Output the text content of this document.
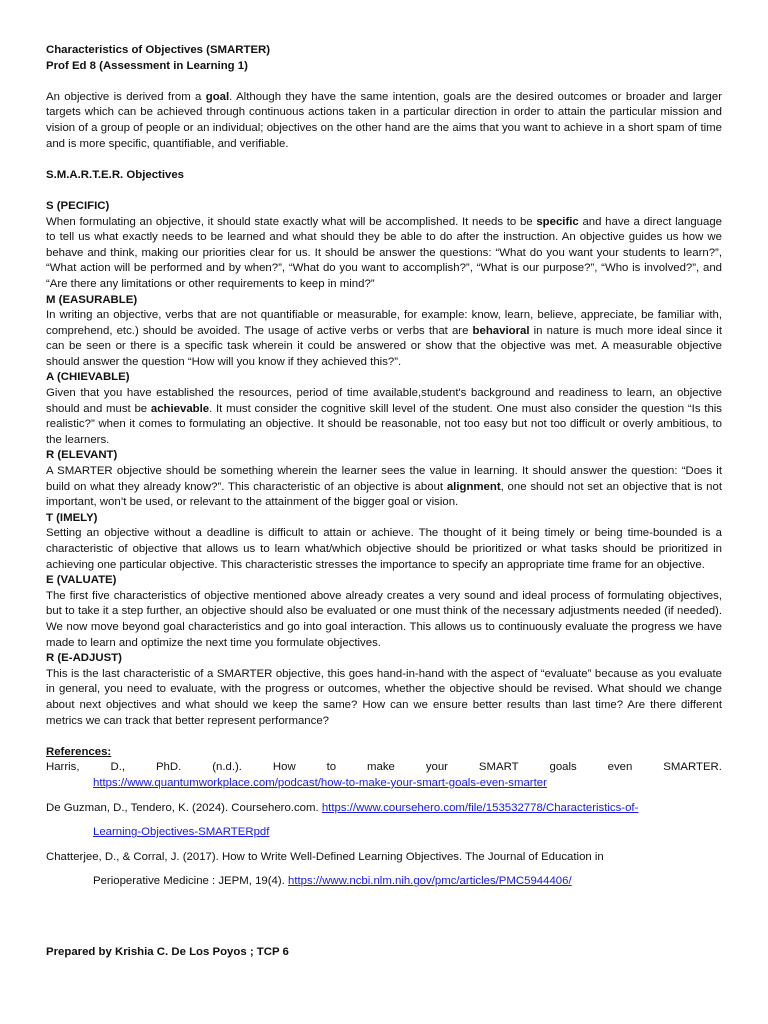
Characteristics of Objectives (SMARTER)

Prof Ed 8 (Assessment in Learning 1)

An objective is derived from a goal. Although they have the same intention, goals are the desired outcomes or broader and larger targets which can be achieved through continuous actions taken in a particular direction in order to attain the particular mission and vision of a group of people or an individual; objectives on the other hand are the aims that you want to achieve in a short spam of time and is more specific, quantifiable, and verifiable.

S.M.A.R.T.E.R. Objectives

S (PECIFIC)

When formulating an objective, it should state exactly what will be accomplished. It needs to be specific and have a direct language to tell us what exactly needs to be learned and what should they be able to do after the instruction. An objective guides us how we behave and think, making our priorities clear for us. It should be answer the questions: “What do you want your students to learn?”, “What action will be performed and by when?”, “What do you want to accomplish?”, “What is our purpose?”, “Who is involved?”, and “Are there any limitations or other requirements to keep in mind?”

M (EASURABLE)

In writing an objective, verbs that are not quantifiable or measurable, for example: know, learn, believe, appreciate, be familiar with, comprehend, etc.) should be avoided. The usage of active verbs or verbs that are behavioral in nature is much more ideal since it can be seen or there is a specific task wherein it could be answered or show that the objective was met. A measurable objective should answer the question “How will you know if they achieved this?”.

A (CHIEVABLE)

Given that you have established the resources, period of time available,student's background and readiness to learn, an objective should and must be achievable. It must consider the cognitive skill level of the student. One must also consider the question “Is this realistic?” when it comes to formulating an objective. It should be reasonable, not too easy but not too difficult or overly ambitious, to the learners.

R (ELEVANT)

A SMARTER objective should be something wherein the learner sees the value in learning. It should answer the question: “Does it build on what they already know?”. This characteristic of an objective is about alignment, one should not set an objective that is not important, won’t be used, or relevant to the attainment of the bigger goal or vision.

T (IMELY)

Setting an objective without a deadline is difficult to attain or achieve. The thought of it being timely or being time-bounded is a characteristic of objective that allows us to learn what/which objective should be prioritized or what tasks should be prioritized in achieving one particular objective. This characteristic stresses the importance to specify an appropriate time frame for an objective.

E (VALUATE)

The first five characteristics of objective mentioned above already creates a very sound and ideal process of formulating objectives, but to take it a step further, an objective should also be evaluated or one must think of the necessary adjustments needed (if needed). We now move beyond goal characteristics and go into goal interaction. This allows us to continuously evaluate the progress we have made to learn and optimize the next time you formulate objectives.

R (E-ADJUST)

This is the last characteristic of a SMARTER objective, this goes hand-in-hand with the aspect of “evaluate” because as you evaluate in general, you need to evaluate, with the progress or outcomes, whether the objective should be revised. What should we change about next objectives and what should we keep the same? How can we ensure better results than last time? Are there different metrics we can track that better represent performance?

References:

Harris,	D.,	PhD.	(n.d.).	How	to	make	your	SMART	goals	even	SMARTER.
https://www.quantumworkplace.com/podcast/how-to-make-your-smart-goals-even-smarter
De Guzman, D., Tendero, K. (2024). Coursehero.com. https://www.coursehero.com/file/153532778/Characteristics-of-
Learning-Objectives-SMARTERpdf
Chatterjee, D., & Corral, J. (2017). How to Write Well-Defined Learning Objectives. The Journal of Education in
Perioperative Medicine : JEPM, 19(4). https://www.ncbi.nlm.nih.gov/pmc/articles/PMC5944406/

Prepared by Krishia C. De Los Poyos ; TCP 6
